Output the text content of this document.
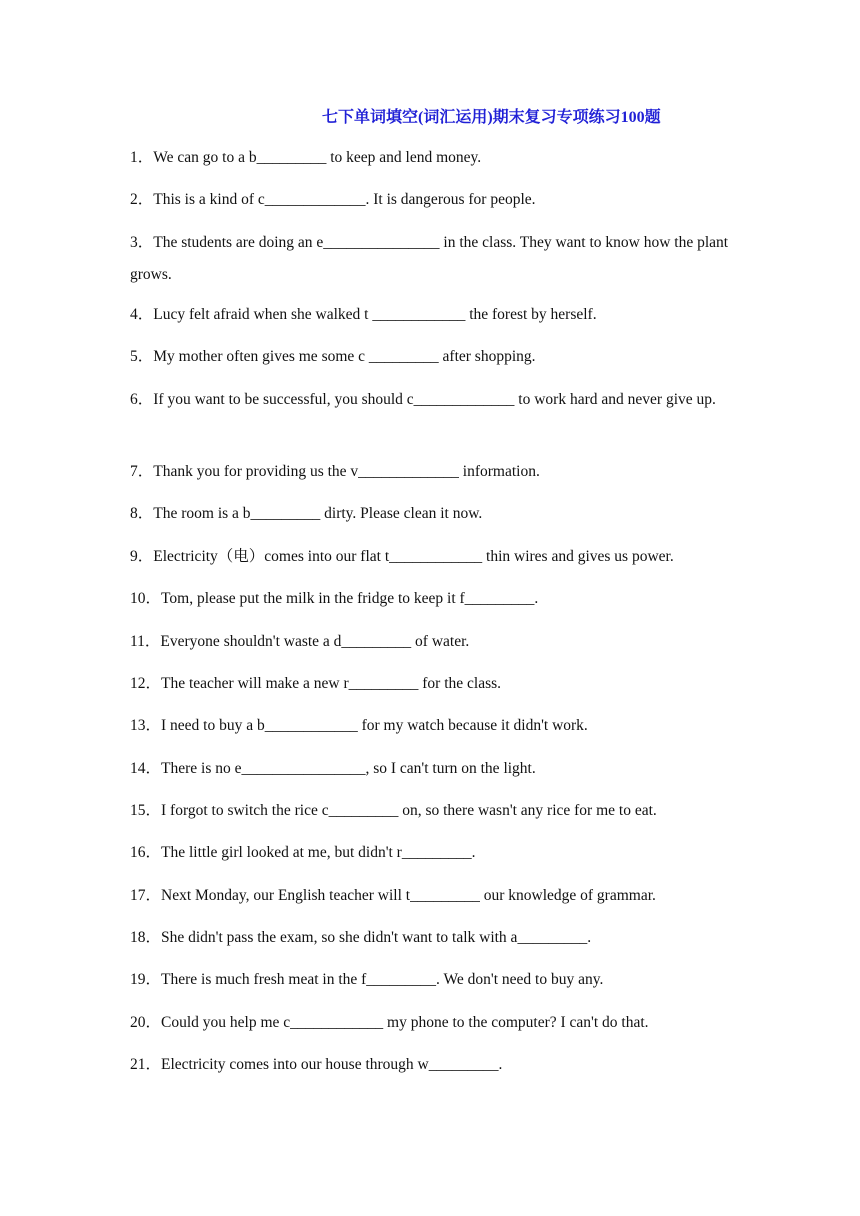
七下单词填空(词汇运用)期末复习专项练习100题
1．We can go to a b_________ to keep and lend money.
2．This is a kind of c_____________. It is dangerous for people.
3．The students are doing an e_______________ in the class. They want to know how the plant grows.
4．Lucy felt afraid when she walked t ____________ the forest by herself.
5．My mother often gives me some c _________ after shopping.
6．If you want to be successful, you should c_____________ to work hard and never give up.
7．Thank you for providing us the v_____________ information.
8．The room is a b_________ dirty. Please clean it now.
9．Electricity（电）comes into our flat t____________ thin wires and gives us power.
10．Tom, please put the milk in the fridge to keep it f_________.
11．Everyone shouldn't waste a d_________ of water.
12．The teacher will make a new r_________ for the class.
13．I need to buy a b____________ for my watch because it didn't work.
14．There is no e________________, so I can't turn on the light.
15．I forgot to switch the rice c_________ on, so there wasn't any rice for me to eat.
16．The little girl looked at me, but didn't r_________.
17．Next Monday, our English teacher will t_________ our knowledge of grammar.
18．She didn't pass the exam, so she didn't want to talk with a_________.
19．There is much fresh meat in the f_________. We don't need to buy any.
20．Could you help me c____________ my phone to the computer? I can't do that.
21．Electricity comes into our house through w_________.
